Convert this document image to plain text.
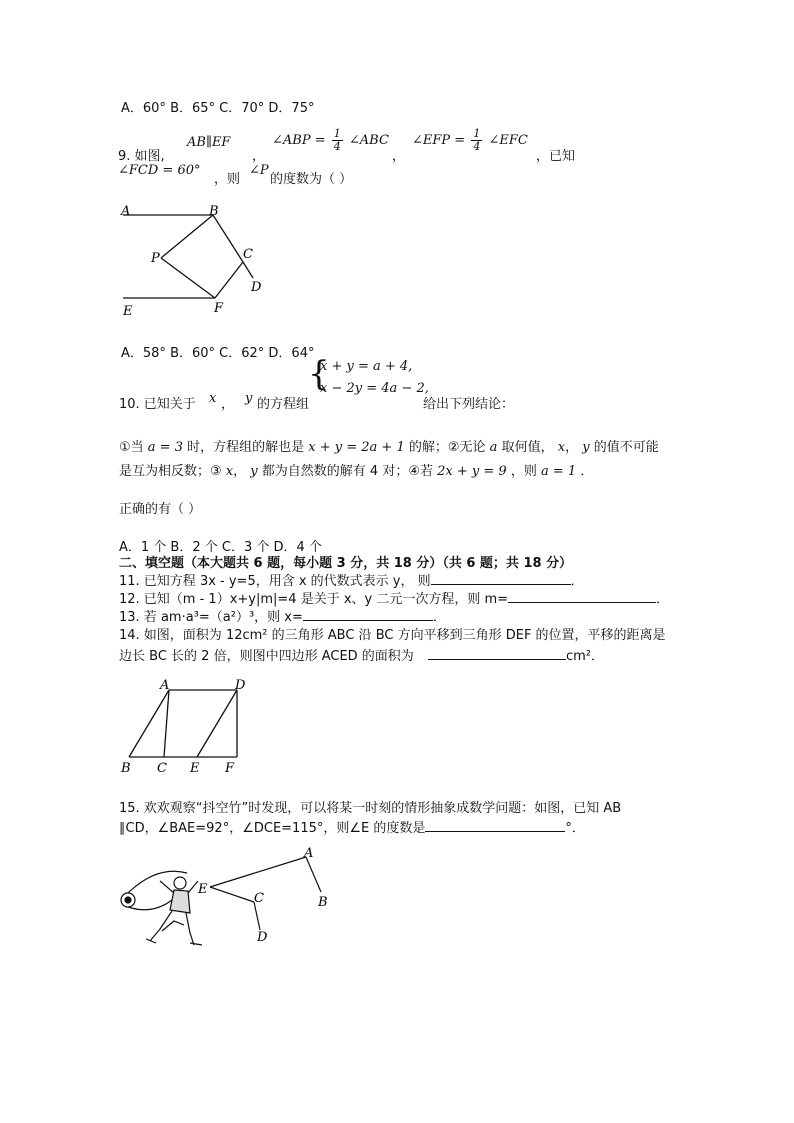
A．60° B．65° C．70° D．75°
9. 如图,
AB∥EF
，
∠ABP = $\frac{1}{4}$ ∠ABC
，
∠EFP = $\frac{1}{4}$ ∠EFC
，已知
∠FCD = 60°
，则
∠P
的度数为（ ）
A	B
P	C
D
E	F
A．58° B．60° C．62° D．64°
10. 已知关于 x ， y 的方程组
{
x + y = a + 4,
x − 2y = 4a − 2,
给出下列结论：
①当 a = 3 时，方程组的解也是 x + y = 2a + 1 的解；②无论 a 取何值， x， y 的值不可能
是互为相反数；③ x， y 都为自然数的解有 4 对；④若 2x + y = 9 ，则 a = 1 ．
正确的有（ ）
A．1 个 B．2 个 C．3 个 D．4 个
二、填空题（本大题共 6 题，每小题 3 分，共 18 分）（共 6 题；共 18 分）
11. 已知方程 3x - y=5，用含 x 的代数式表示 y， 则	．
12. 已知（m - 1）x+y|m|=4 是关于 x、y 二元一次方程，则 m=	．
13. 若 am·a³=（a²）³，则 x=	．
14. 如图，面积为 12cm² 的三角形 ABC 沿 BC 方向平移到三角形 DEF 的位置，平移的距离是
边长 BC 长的 2 倍，则图中四边形 ACED 的面积为	cm²．
A	D
B C E F
15. 欢欢观察“抖空竹”时发现，可以将某一时刻的情形抽象成数学问题：如图，已知 AB
∥CD，∠BAE=92°，∠DCE=115°，则∠E 的度数是	°．
E
A
B
C
D
